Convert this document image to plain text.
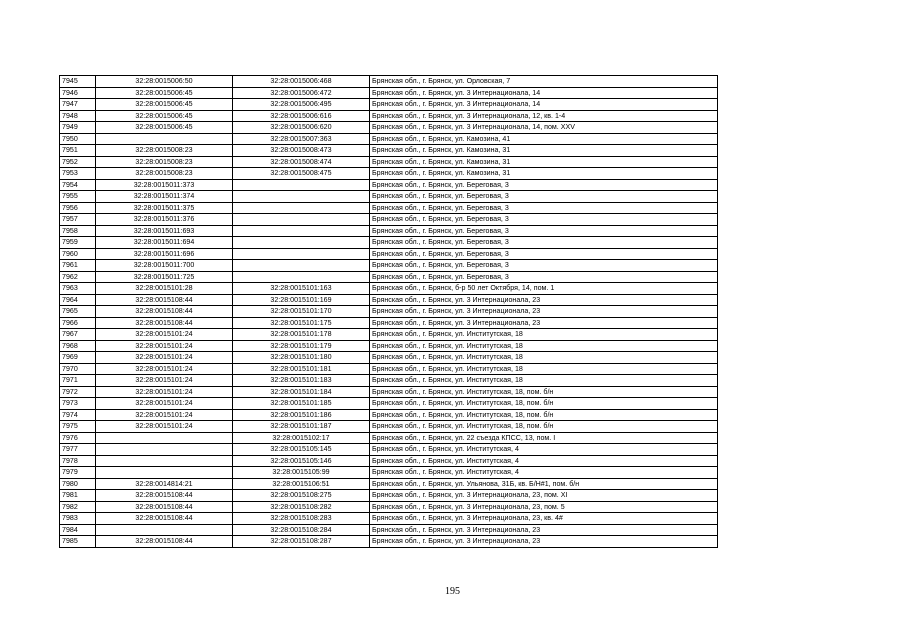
7945	32:28:0015006:50	32:28:0015006:468	Брянская обл., г. Брянск, ул. Орловская, 7
7946	32:28:0015006:45	32:28:0015006:472	Брянская обл., г. Брянск, ул. 3 Интернационала, 14
7947	32:28:0015006:45	32:28:0015006:495	Брянская обл., г. Брянск, ул. 3 Интернационала, 14
7948	32:28:0015006:45	32:28:0015006:616	Брянская обл., г. Брянск, ул. 3 Интернационала, 12, кв. 1-4
7949	32:28:0015006:45	32:28:0015006:620	Брянская обл., г. Брянск, ул. 3 Интернационала, 14, пом. XXV
7950		32:28:0015007:363	Брянская обл., г. Брянск, ул. Камозина, 41
7951	32:28:0015008:23	32:28:0015008:473	Брянская обл., г. Брянск, ул. Камозина, 31
7952	32:28:0015008:23	32:28:0015008:474	Брянская обл., г. Брянск, ул. Камозина, 31
7953	32:28:0015008:23	32:28:0015008:475	Брянская обл., г. Брянск, ул. Камозина, 31
7954	32:28:0015011:373		Брянская обл., г. Брянск, ул. Береговая, 3
7955	32:28:0015011:374		Брянская обл., г. Брянск, ул. Береговая, 3
7956	32:28:0015011:375		Брянская обл., г. Брянск, ул. Береговая, 3
7957	32:28:0015011:376		Брянская обл., г. Брянск, ул. Береговая, 3
7958	32:28:0015011:693		Брянская обл., г. Брянск, ул. Береговая, 3
7959	32:28:0015011:694		Брянская обл., г. Брянск, ул. Береговая, 3
7960	32:28:0015011:696		Брянская обл., г. Брянск, ул. Береговая, 3
7961	32:28:0015011:700		Брянская обл., г. Брянск, ул. Береговая, 3
7962	32:28:0015011:725		Брянская обл., г. Брянск, ул. Береговая, 3
7963	32:28:0015101:28	32:28:0015101:163	Брянская обл., г. Брянск, б-р 50 лет Октября, 14, пом. 1
7964	32:28:0015108:44	32:28:0015101:169	Брянская обл., г. Брянск, ул. 3 Интернационала, 23
7965	32:28:0015108:44	32:28:0015101:170	Брянская обл., г. Брянск, ул. 3 Интернационала, 23
7966	32:28:0015108:44	32:28:0015101:175	Брянская обл., г. Брянск, ул. 3 Интернационала, 23
7967	32:28:0015101:24	32:28:0015101:178	Брянская обл., г. Брянск, ул. Институтская, 18
7968	32:28:0015101:24	32:28:0015101:179	Брянская обл., г. Брянск, ул. Институтская, 18
7969	32:28:0015101:24	32:28:0015101:180	Брянская обл., г. Брянск, ул. Институтская, 18
7970	32:28:0015101:24	32:28:0015101:181	Брянская обл., г. Брянск, ул. Институтская, 18
7971	32:28:0015101:24	32:28:0015101:183	Брянская обл., г. Брянск, ул. Институтская, 18
7972	32:28:0015101:24	32:28:0015101:184	Брянская обл., г. Брянск, ул. Институтская, 18, пом. б/н
7973	32:28:0015101:24	32:28:0015101:185	Брянская обл., г. Брянск, ул. Институтская, 18, пом. б/н
7974	32:28:0015101:24	32:28:0015101:186	Брянская обл., г. Брянск, ул. Институтская, 18, пом. б/н
7975	32:28:0015101:24	32:28:0015101:187	Брянская обл., г. Брянск, ул. Институтская, 18, пом. б/н
7976		32:28:0015102:17	Брянская обл., г. Брянск, ул. 22 съезда КПСС, 13, пом. I
7977		32:28:0015105:145	Брянская обл., г. Брянск, ул. Институтская, 4
7978		32:28:0015105:146	Брянская обл., г. Брянск, ул. Институтская, 4
7979		32:28:0015105:99	Брянская обл., г. Брянск, ул. Институтская, 4
7980	32:28:0014814:21	32:28:0015106:51	Брянская обл., г. Брянск, ул. Ульянова, 31Б, кв. Б/Н#1, пом. б/н
7981	32:28:0015108:44	32:28:0015108:275	Брянская обл., г. Брянск, ул. 3 Интернационала, 23, пом. XI
7982	32:28:0015108:44	32:28:0015108:282	Брянская обл., г. Брянск, ул. 3 Интернационала, 23, пом. 5
7983	32:28:0015108:44	32:28:0015108:283	Брянская обл., г. Брянск, ул. 3 Интернационала, 23, кв. 4#
7984		32:28:0015108:284	Брянская обл., г. Брянск, ул. 3 Интернационала, 23
7985	32:28:0015108:44	32:28:0015108:287	Брянская обл., г. Брянск, ул. 3 Интернационала, 23
195
